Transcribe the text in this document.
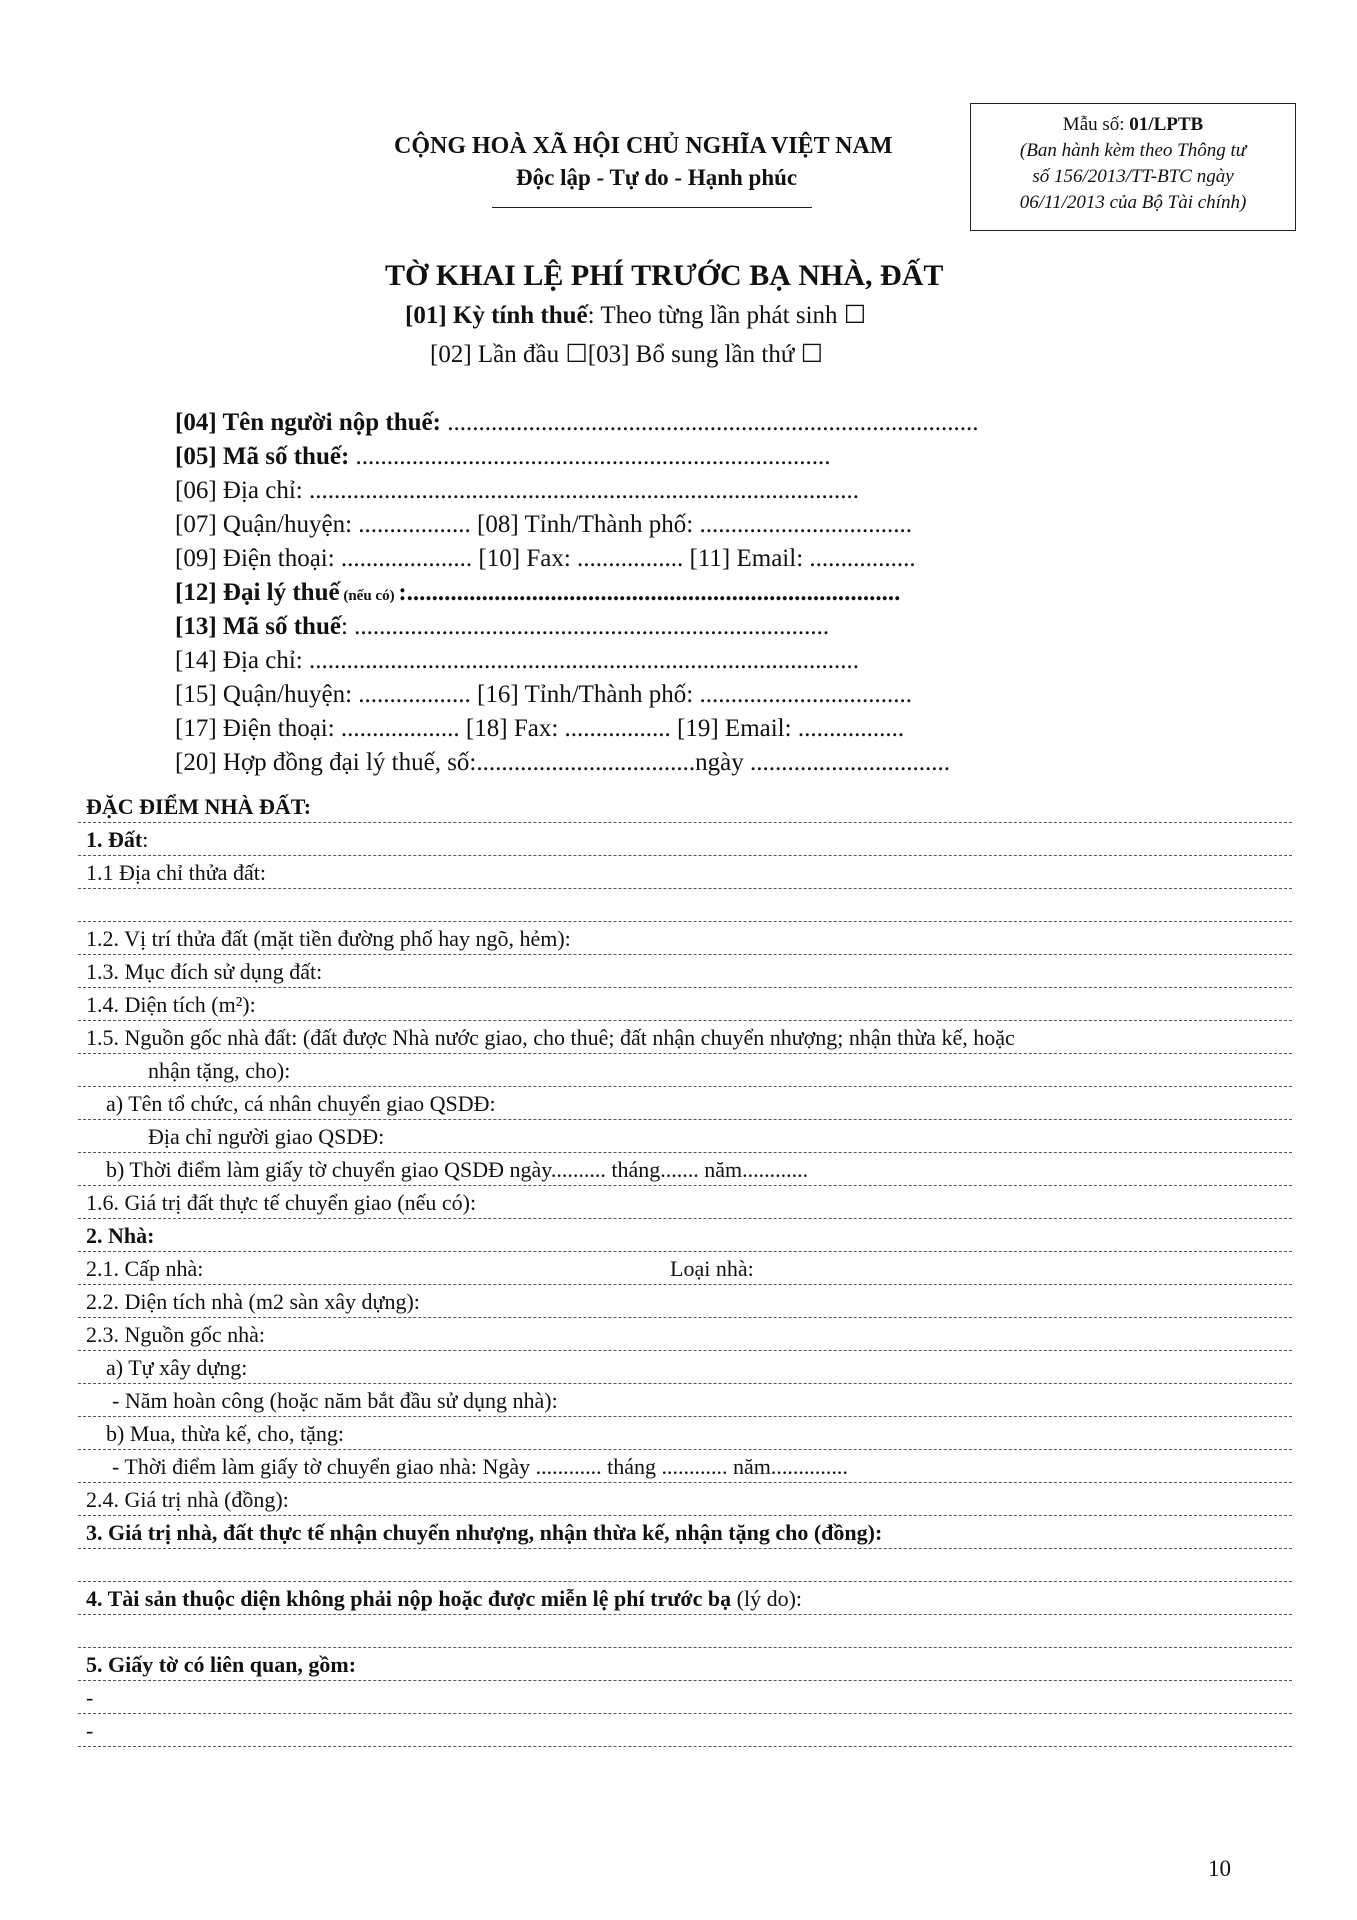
Mẫu số: 01/LPTB
(Ban hành kèm theo Thông tư
số 156/2013/TT-BTC ngày
06/11/2013 của Bộ Tài chính)
CỘNG HOÀ XÃ HỘI CHỦ NGHĨA VIỆT NAM
Độc lập - Tự do - Hạnh phúc
TỜ KHAI LỆ PHÍ TRƯỚC BẠ NHÀ, ĐẤT
[01] Kỳ tính thuế: Theo từng lần phát sinh ☐
[02] Lần đầu ☐[03] Bổ sung lần thứ ☐
[04] Tên người nộp thuế: .....................................................................................
[05] Mã số thuế: ............................................................................
[06] Địa chỉ: ........................................................................................
[07] Quận/huyện: .................. [08] Tỉnh/Thành phố: ..................................
[09] Điện thoại: ..................... [10] Fax: ................. [11] Email: .................
[12] Đại lý thuế (nếu có) :...............................................................................
[13] Mã số thuế: ............................................................................
[14] Địa chỉ: ........................................................................................
[15] Quận/huyện: .................. [16] Tỉnh/Thành phố: ..................................
[17] Điện thoại: ................... [18] Fax: ................. [19] Email: .................
[20] Hợp đồng đại lý thuế, số:...................................ngày ................................
ĐẶC ĐIỂM NHÀ ĐẤT:
1. Đất:
1.1 Địa chỉ thửa đất:
1.2. Vị trí thửa đất (mặt tiền đường phố hay ngõ, hẻm):
1.3. Mục đích sử dụng đất:
1.4. Diện tích (m²):
1.5. Nguồn gốc nhà đất: (đất được Nhà nước giao, cho thuê; đất nhận chuyển nhượng; nhận thừa kế, hoặc
nhận tặng, cho):
a) Tên tổ chức, cá nhân chuyển giao QSDĐ:
Địa chỉ người giao QSDĐ:
b) Thời điểm làm giấy tờ chuyển giao QSDĐ ngày.......... tháng....... năm............
1.6. Giá trị đất thực tế chuyển giao (nếu có):
2. Nhà:
2.1. Cấp nhà:	Loại nhà:
2.2. Diện tích nhà (m2 sàn xây dựng):
2.3. Nguồn gốc nhà:
a) Tự xây dựng:
- Năm hoàn công (hoặc năm bắt đầu sử dụng nhà):
b) Mua, thừa kế, cho, tặng:
- Thời điểm làm giấy tờ chuyển giao nhà: Ngày ............ tháng ............ năm..............
2.4. Giá trị nhà (đồng):
3. Giá trị nhà, đất thực tế nhận chuyển nhượng, nhận thừa kế, nhận tặng cho (đồng):
4. Tài sản thuộc diện không phải nộp hoặc được miễn lệ phí trước bạ (lý do):
5. Giấy tờ có liên quan, gồm:
-
-
10
